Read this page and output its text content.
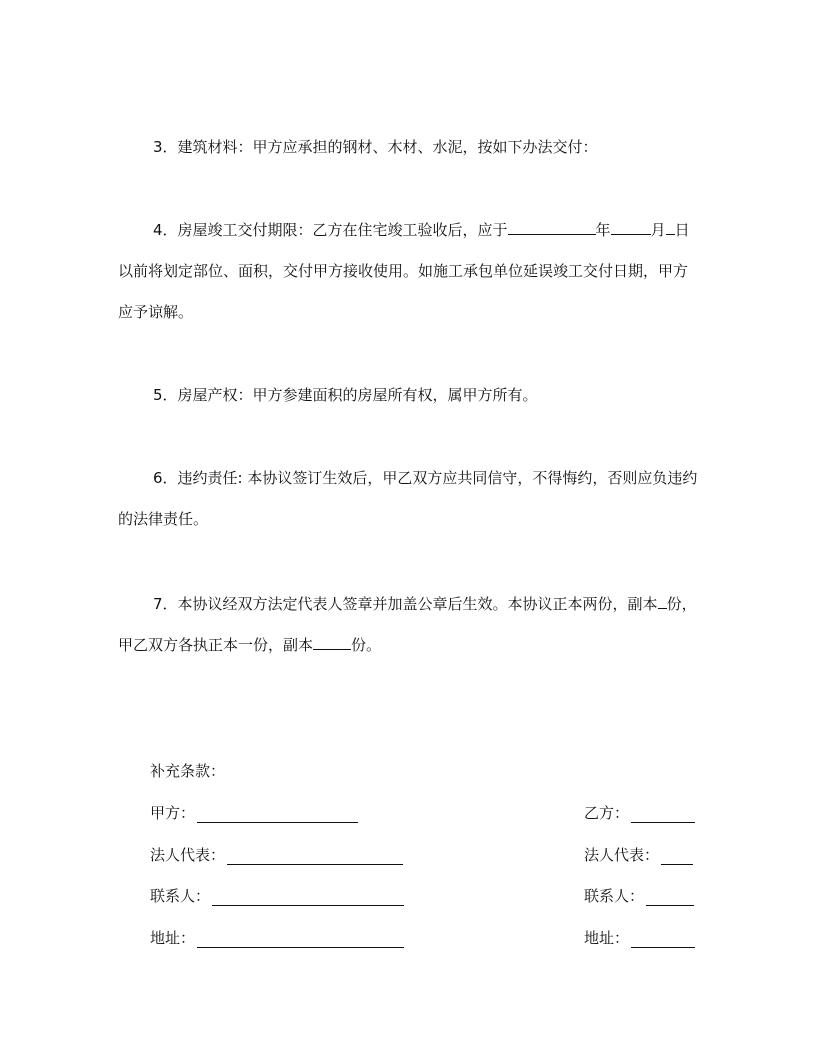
3．建筑材料：甲方应承担的钢材、木材、水泥，按如下办法交付：

4．房屋竣工交付期限：乙方在住宅竣工验收后，应于	年	月 日以前将划定部位、面积，交付甲方接收使用。如施工承包单位延误竣工交付日期，甲方应予谅解。

5．房屋产权：甲方参建面积的房屋所有权，属甲方所有。

6．违约责任: 本协议签订生效后，甲乙双方应共同信守，不得悔约，否则应负违约的法律责任。

7．本协议经双方法定代表人签章并加盖公章后生效。本协议正本两份，副本 份，甲乙双方各执正本一份，副本	份。

补充条款：
甲方：	乙方：
法人代表：	法人代表：
联系人：	联系人：
地址：	地址：
